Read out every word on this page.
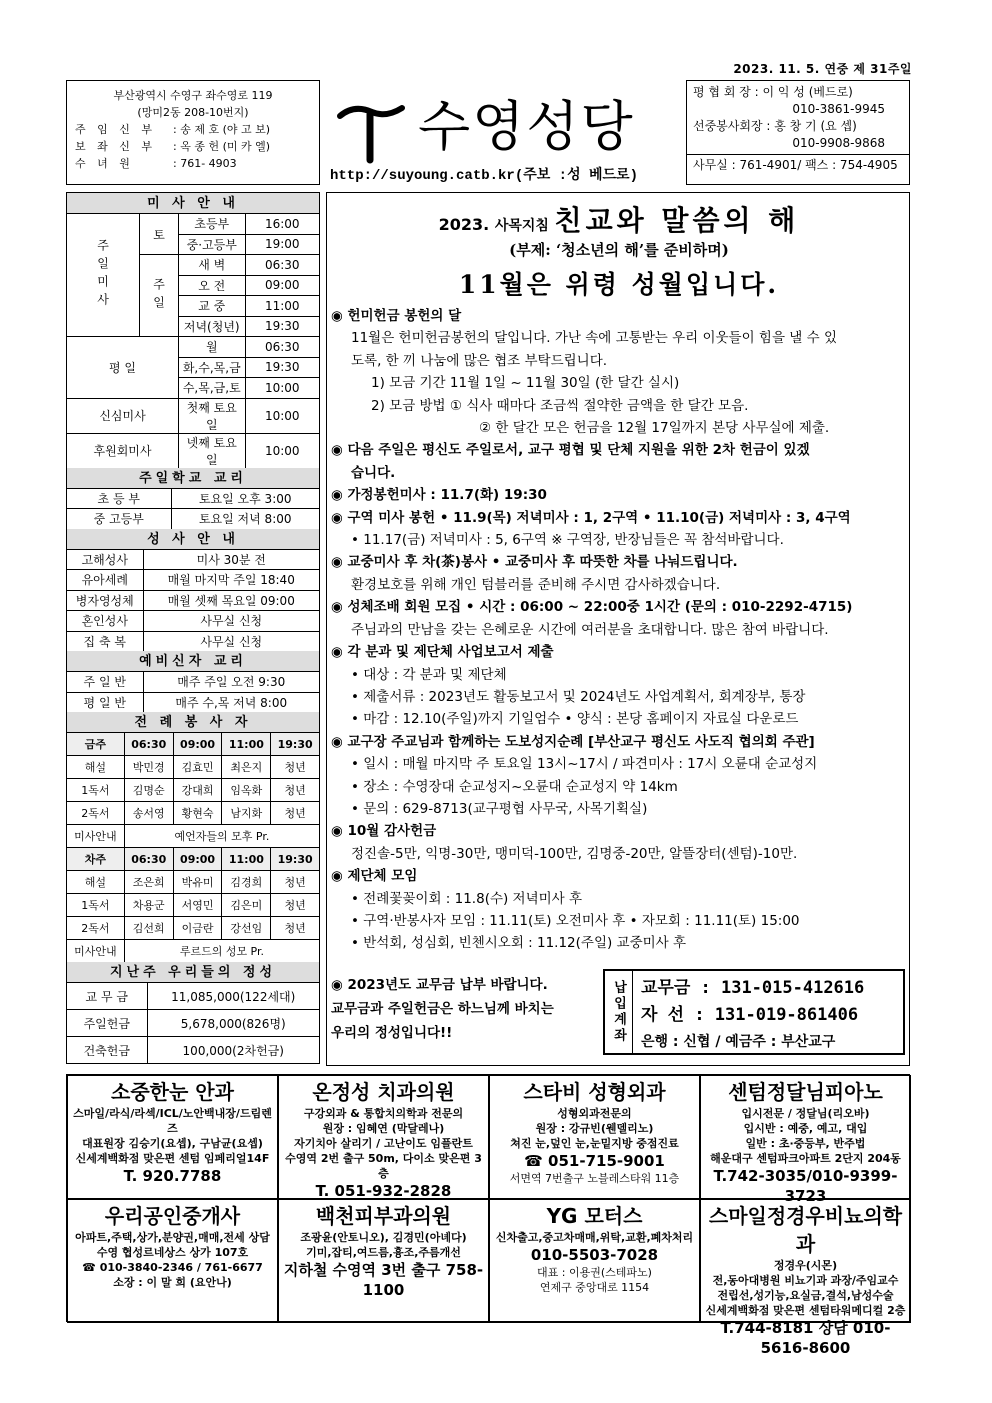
2023. 11. 5. 연중 제 31주일
부산광역시 수영구 좌수영로 119
(망미2동 208-10번지)
주 임 신 부	: 송 제 호 (야 고 보)
보 좌 신 부	: 옥 종 헌 (미 카 엘)
수 녀 원	: 761- 4903
수영성당
http://suyoung.catb.kr(주보 :성 베드로)
평 협 회 장 : 이 익 성 (베드로)
010-3861-9945
선중봉사회장 : 홍 창 기 (요 셉)
010-9908-9868
사무실 : 761-4901/ 팩스 : 754-4905
미 사 안 내
주일미사	토	초등부	16:00
		중·고등부	19:00
	주일	새 벽	06:30
		오 전	09:00
		교 중	11:00
		저녁(청년)	19:30
평 일		월	06:30
		화,수,목,금	19:30
		수,목,금,토	10:00
신심미사		첫째 토요일	10:00
후원회미사		넷째 토요일	10:00
주일학교 교리
초 등 부	토요일 오후 3:00
중 고등부	토요일 저녁 8:00
성 사 안 내
고해성사	미사 30분 전
유아세례	매월 마지막 주일 18:40
병자영성체	매월 셋째 목요일 09:00
혼인성사	사무실 신청
집 축 복	사무실 신청
예비신자 교리
주 일 반	매주 주일 오전 9:30
평 일 반	매주 수,목 저녁 8:00
전 례 봉 사 자
금주	06:30	09:00	11:00	19:30
해설	박민경	김효민	최은지	청년
1독서	김명순	강대희	임옥화	청년
2독서	송서영	황현숙	남지화	청년
미사안내	예언자들의 모후 Pr.			
차주	06:30	09:00	11:00	19:30
해설	조은희	박유미	김경희	청년
1독서	차용군	서영민	김은미	청년
2독서	김선희	이금란	강선임	청년
미사안내	루르드의 성모 Pr.			
지난주 우리들의 정성
교 무 금	11,085,000(122세대)
주일헌금	5,678,000(826명)
건축헌금	100,000(2차헌금)
2023. 사목지침 친교와 말씀의 해
(부제: ‘청소년의 해’를 준비하며)
11월은 위령 성월입니다.
◉ 헌미헌금 봉헌의 달
11월은 헌미헌금봉헌의 달입니다. 가난 속에 고통받는 우리 이웃들이 힘을 낼 수 있
도록, 한 끼 나눔에 많은 협조 부탁드립니다.
1) 모금 기간 11월 1일 ~ 11월 30일 (한 달간 실시)
2) 모금 방법 ① 식사 때마다 조금씩 절약한 금액을 한 달간 모음.
② 한 달간 모은 헌금을 12월 17일까지 본당 사무실에 제출.
◉ 다음 주일은 평신도 주일로서, 교구 평협 및 단체 지원을 위한 2차 헌금이 있겠
습니다.
◉ 가정봉헌미사 : 11.7(화) 19:30
◉ 구역 미사 봉헌 • 11.9(목) 저녁미사 : 1, 2구역 • 11.10(금) 저녁미사 : 3, 4구역
• 11.17(금) 저녁미사 : 5, 6구역 ※ 구역장, 반장님들은 꼭 참석바랍니다.
◉ 교중미사 후 차(茶)봉사 • 교중미사 후 따뜻한 차를 나눠드립니다.
환경보호를 위해 개인 텀블러를 준비해 주시면 감사하겠습니다.
◉ 성체조배 회원 모집 • 시간 : 06:00 ~ 22:00중 1시간 (문의 : 010-2292-4715)
주님과의 만남을 갖는 은혜로운 시간에 여러분을 초대합니다. 많은 참여 바랍니다.
◉ 각 분과 및 제단체 사업보고서 제출
• 대상 : 각 분과 및 제단체
• 제출서류 : 2023년도 활동보고서 및 2024년도 사업계획서, 회계장부, 통장
• 마감 : 12.10(주일)까지 기일엄수 • 양식 : 본당 홈페이지 자료실 다운로드
◉ 교구장 주교님과 함께하는 도보성지순례 [부산교구 평신도 사도직 협의회 주관]
• 일시 : 매월 마지막 주 토요일 13시~17시 / 파견미사 : 17시 오륜대 순교성지
• 장소 : 수영장대 순교성지~오륜대 순교성지 약 14km
• 문의 : 629-8713(교구평협 사무국, 사목기획실)
◉ 10월 감사헌금
정진솔-5만, 익명-30만, 맹미덕-100만, 김명중-20만, 알뜰장터(센텀)-10만.
◉ 제단체 모임
• 전례꽃꽂이회 : 11.8(수) 저녁미사 후
• 구역·반봉사자 모임 : 11.11(토) 오전미사 후 • 자모회 : 11.11(토) 15:00
• 반석회, 성심회, 빈첸시오회 : 11.12(주일) 교중미사 후
◉ 2023년도 교무금 납부 바랍니다.
교무금과 주일헌금은 하느님께 바치는
우리의 정성입니다!!	납입계좌 교무금 : 131-015-412616
자 선 : 131-019-861406
은행 : 신협 / 예금주 : 부산교구
소중한눈 안과
스마일/라식/라섹/ICL/노안백내장/드림렌즈
대표원장 김승기(요셉), 구남균(요셉)
신세계백화점 맞은편 센텀 임페리얼14F
T. 920.7788
온정성 치과의원
구강외과 & 통합치의학과 전문의
원장 : 임혜연 (막달레나)
자기치아 살리기 / 고난이도 임플란트
수영역 2번 출구 50m, 다이소 맞은편 3층
T. 051-932-2828
스타비 성형외과
성형외과전문의
원장 : 강규빈(웬델리노)
쳐진 눈,덮인 눈,눈밑지방 중점진료
☎ 051-715-9001
서면역 7번출구 노블레스타워 11층
센텀정달님피아노
입시전문 / 정달님(리오바)
입시반 : 예중, 예고, 대입
일반 : 초·중등부, 반주법
해운대구 센텀파크아파트 2단지 204동
T.742-3035/010-9399-3723
우리공인중개사
아파트,주택,상가,분양권,매매,전세 상담
수영 협성르네상스 상가 107호
☎ 010-3840-2346 / 761-6677
소장 : 이 말 희 (요안나)
백천피부과의원
조광윤(안토니오), 김경민(아녜다)
기미,잡티,여드름,흉조,주름개선
지하철 수영역 3번 출구 758-1100
YG 모터스
신차출고,중고차매매,위탁,교환,폐차처리
010-5503-7028
대표 : 이용권(스테파노)
연제구 중앙대로 1154
스마일정경우비뇨의학과
정경우(시몬)
전,동아대병원 비뇨기과 과장/주임교수
전립선,성기능,요실금,결석,남성수술
신세계백화점 맞은편 센텀타워메디컬 2층
T.744-8181 상담 010-5616-8600
